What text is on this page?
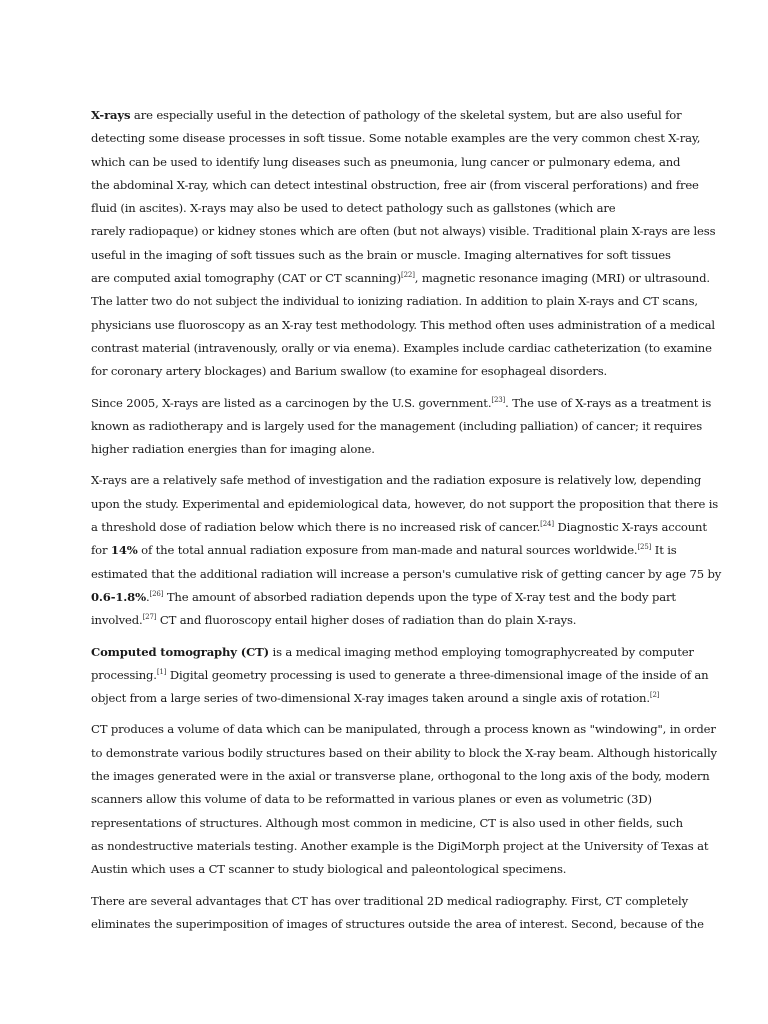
X-rays are especially useful in the detection of pathology of the skeletal system, but are also useful for
detecting some disease processes in soft tissue. Some notable examples are the very common chest X-ray,
which can be used to identify lung diseases such as pneumonia, lung cancer or pulmonary edema, and
the abdominal X-ray, which can detect intestinal obstruction, free air (from visceral perforations) and free
fluid (in ascites). X-rays may also be used to detect pathology such as gallstones (which are
rarely radiopaque) or kidney stones which are often (but not always) visible. Traditional plain X-rays are less
useful in the imaging of soft tissues such as the brain or muscle. Imaging alternatives for soft tissues
are computed axial tomography (CAT or CT scanning)[22], magnetic resonance imaging (MRI) or ultrasound.
The latter two do not subject the individual to ionizing radiation. In addition to plain X-rays and CT scans,
physicians use fluoroscopy as an X-ray test methodology. This method often uses administration of a medical
contrast material (intravenously, orally or via enema). Examples include cardiac catheterization (to examine
for coronary artery blockages) and Barium swallow (to examine for esophageal disorders.

Since 2005, X-rays are listed as a carcinogen by the U.S. government.[23]. The use of X-rays as a treatment is
known as radiotherapy and is largely used for the management (including palliation) of cancer; it requires
higher radiation energies than for imaging alone.

X-rays are a relatively safe method of investigation and the radiation exposure is relatively low, depending
upon the study. Experimental and epidemiological data, however, do not support the proposition that there is
a threshold dose of radiation below which there is no increased risk of cancer.[24] Diagnostic X-rays account
for 14% of the total annual radiation exposure from man-made and natural sources worldwide.[25] It is
estimated that the additional radiation will increase a person's cumulative risk of getting cancer by age 75 by
0.6-1.8%.[26] The amount of absorbed radiation depends upon the type of X-ray test and the body part
involved.[27] CT and fluoroscopy entail higher doses of radiation than do plain X-rays.

Computed tomography (CT) is a medical imaging method employing tomographycreated by computer
processing.[1] Digital geometry processing is used to generate a three-dimensional image of the inside of an
object from a large series of two-dimensional X-ray images taken around a single axis of rotation.[2]

CT produces a volume of data which can be manipulated, through a process known as "windowing", in order
to demonstrate various bodily structures based on their ability to block the X-ray beam. Although historically
the images generated were in the axial or transverse plane, orthogonal to the long axis of the body, modern
scanners allow this volume of data to be reformatted in various planes or even as volumetric (3D)
representations of structures. Although most common in medicine, CT is also used in other fields, such
as nondestructive materials testing. Another example is the DigiMorph project at the University of Texas at
Austin which uses a CT scanner to study biological and paleontological specimens.

There are several advantages that CT has over traditional 2D medical radiography. First, CT completely
eliminates the superimposition of images of structures outside the area of interest. Second, because of the
